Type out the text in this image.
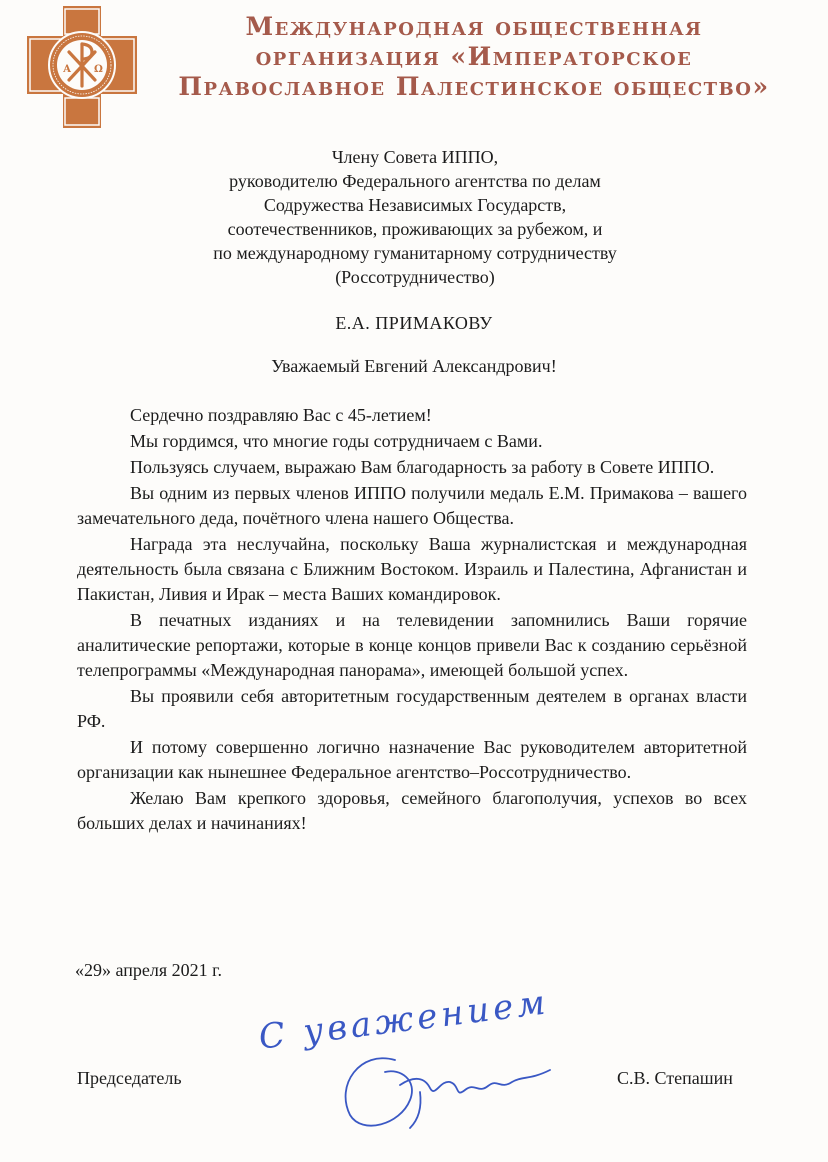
А Ω
Международная общественная
организация «Императорское
Православное Палестинское общество»
Члену Совета ИППО,
руководителю Федерального агентства по делам
Содружества Независимых Государств,
соотечественников, проживающих за рубежом, и
по международному гуманитарному сотрудничеству
(Россотрудничество)
Е.А. ПРИМАКОВУ
Уважаемый Евгений Александрович!

Сердечно поздравляю Вас с 45-летием!

Мы гордимся, что многие годы сотрудничаем с Вами.

Пользуясь случаем, выражаю Вам благодарность за работу в Совете ИППО.

Вы одним из первых членов ИППО получили медаль Е.М. Примакова – вашего замечательного деда, почётного члена нашего Общества.

Награда эта неслучайна, поскольку Ваша журналистская и международная деятельность была связана с Ближним Востоком. Израиль и Палестина, Афганистан и Пакистан, Ливия и Ирак – места Ваших командировок.

В печатных изданиях и на телевидении запомнились Ваши горячие аналитические репортажи, которые в конце концов привели Вас к созданию серьёзной телепрограммы «Международная панорама», имеющей большой успех.

Вы проявили себя авторитетным государственным деятелем в органах власти РФ.

И потому совершенно логично назначение Вас руководителем авторитетной организации как нынешнее Федеральное агентство–Россотрудничество.

Желаю Вам крепкого здоровья, семейного благополучия, успехов во всех больших делах и начинаниях!

«29» апреля 2021 г.
С уважением
Председатель	С.В. Степашин
